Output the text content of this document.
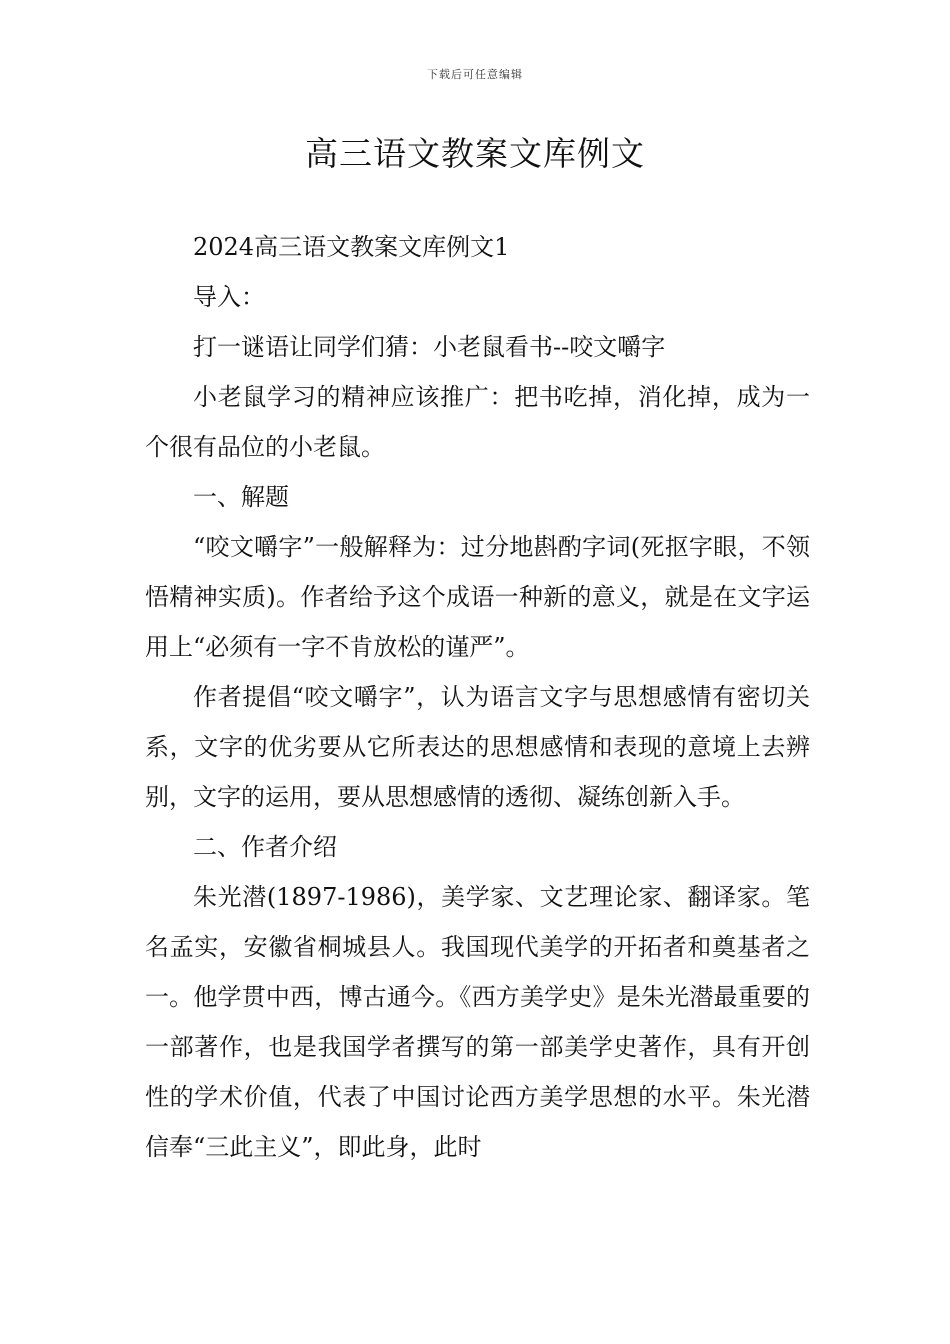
下载后可任意编辑
高三语文教案文库例文

2024高三语文教案文库例文1

导入：

打一谜语让同学们猜：小老鼠看书--咬文嚼字

小老鼠学习的精神应该推广：把书吃掉，消化掉，成为一个很有品位的小老鼠。

一、解题

“咬文嚼字”一般解释为：过分地斟酌字词(死抠字眼，不领悟精神实质)。作者给予这个成语一种新的意义，就是在文字运用上“必须有一字不肯放松的谨严”。

作者提倡“咬文嚼字”，认为语言文字与思想感情有密切关系，文字的优劣要从它所表达的思想感情和表现的意境上去辨别，文字的运用，要从思想感情的透彻、凝练创新入手。

二、作者介绍

朱光潜(1897-1986)，美学家、文艺理论家、翻译家。笔名孟实，安徽省桐城县人。我国现代美学的开拓者和奠基者之一。他学贯中西，博古通今。《西方美学史》是朱光潜最重要的一部著作，也是我国学者撰写的第一部美学史著作，具有开创性的学术价值，代表了中国讨论西方美学思想的水平。朱光潜信奉“三此主义”，即此身，此时
